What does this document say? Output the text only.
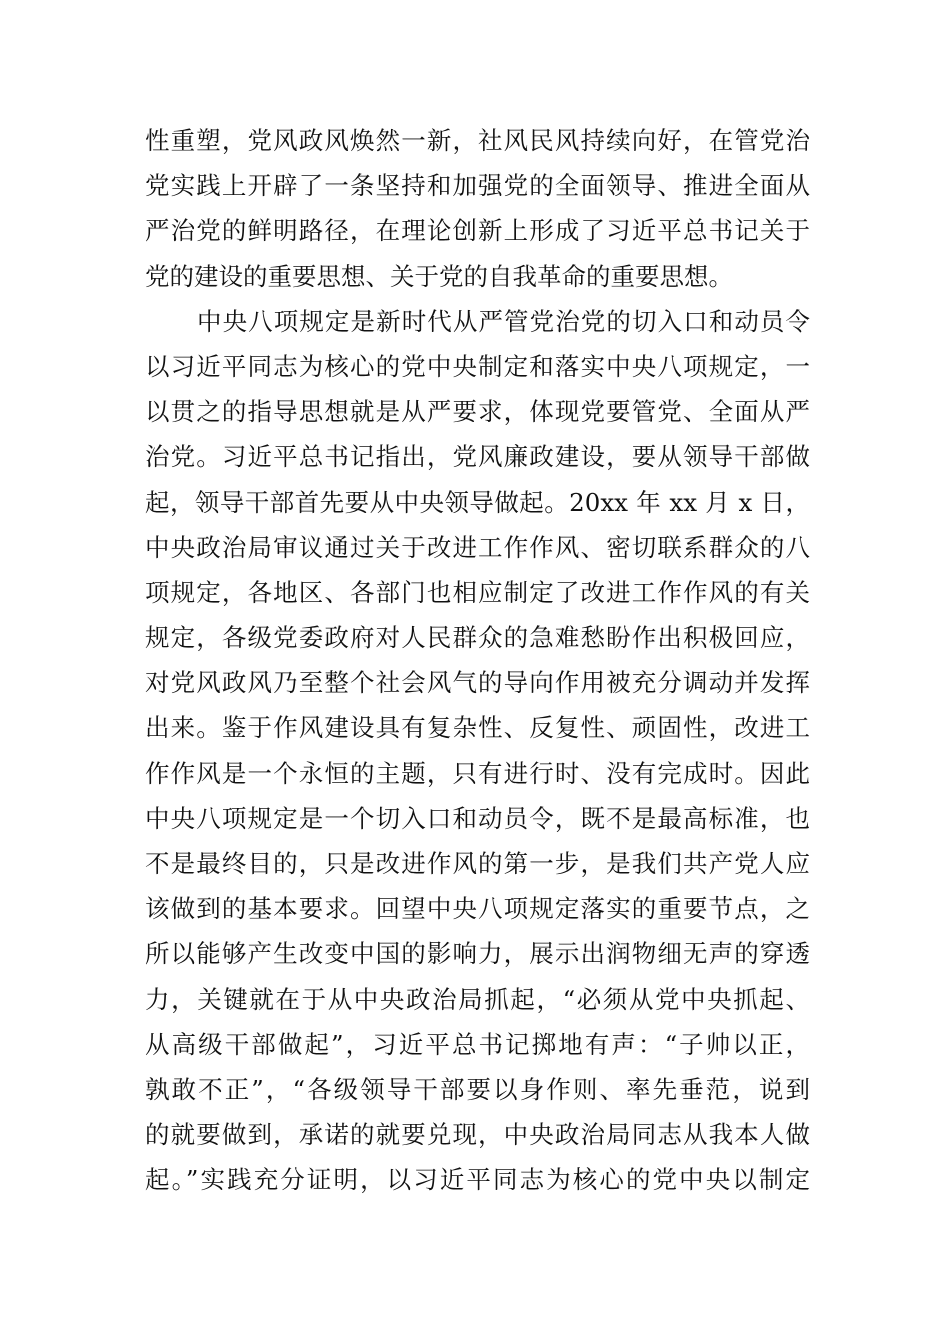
性重塑，党风政风焕然一新，社风民风持续向好，在管党治
党实践上开辟了一条坚持和加强党的全面领导、推进全面从
严治党的鲜明路径，在理论创新上形成了习近平总书记关于
党的建设的重要思想、关于党的自我革命的重要思想。
中央八项规定是新时代从严管党治党的切入口和动员令
以习近平同志为核心的党中央制定和落实中央八项规定，一
以贯之的指导思想就是从严要求，体现党要管党、全面从严
治党。习近平总书记指出，党风廉政建设，要从领导干部做
起，领导干部首先要从中央领导做起。20xx 年 xx 月 x 日，
中央政治局审议通过关于改进工作作风、密切联系群众的八
项规定，各地区、各部门也相应制定了改进工作作风的有关
规定，各级党委政府对人民群众的急难愁盼作出积极回应，
对党风政风乃至整个社会风气的导向作用被充分调动并发挥
出来。鉴于作风建设具有复杂性、反复性、顽固性，改进工
作作风是一个永恒的主题，只有进行时、没有完成时。因此
中央八项规定是一个切入口和动员令，既不是最高标准，也
不是最终目的，只是改进作风的第一步，是我们共产党人应
该做到的基本要求。回望中央八项规定落实的重要节点，之
所以能够产生改变中国的影响力，展示出润物细无声的穿透
力，关键就在于从中央政治局抓起，“必须从党中央抓起、
从高级干部做起”，习近平总书记掷地有声：“子帅以正，
孰敢不正”，“各级领导干部要以身作则、率先垂范，说到
的就要做到，承诺的就要兑现，中央政治局同志从我本人做
起。”实践充分证明，以习近平同志为核心的党中央以制定
